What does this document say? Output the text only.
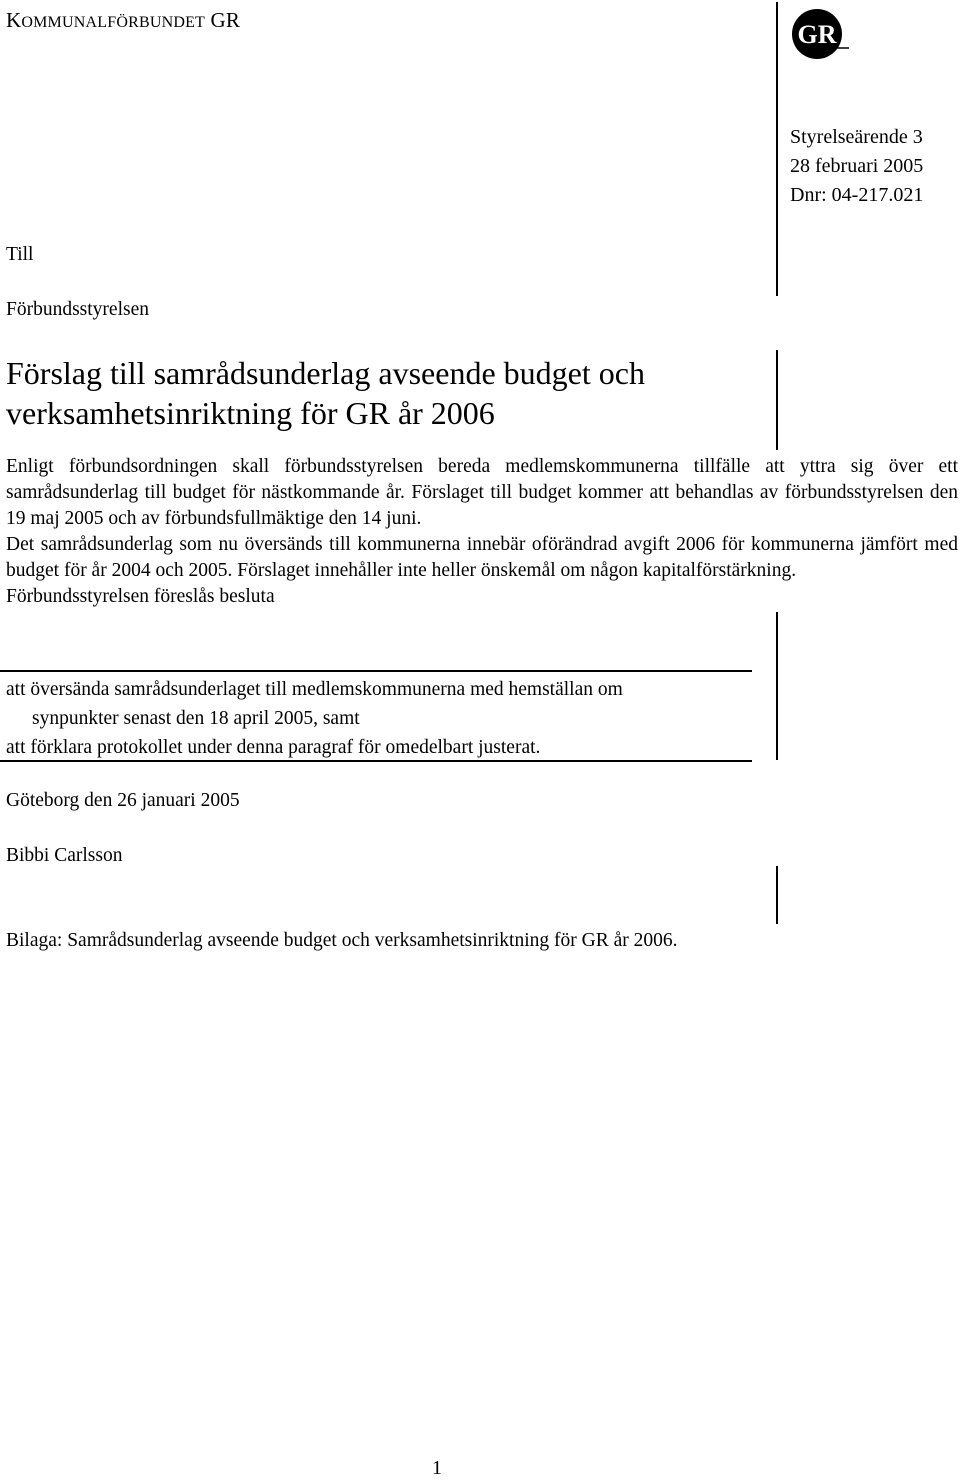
KOMMUNALFÖRBUNDET GR	GR
Styrelseärende 3
28 februari 2005
Dnr: 04-217.021
Till
Förbundsstyrelsen
Förslag till samrådsunderlag avseende budget och
verksamhetsinriktning för GR år 2006

Enligt förbundsordningen skall förbundsstyrelsen bereda medlemskommunerna tillfälle att yttra sig över ett samrådsunderlag till budget för nästkommande år. Förslaget till budget kommer att behandlas av förbundsstyrelsen den 19 maj 2005 och av förbundsfullmäktige den 14 juni.

Det samrådsunderlag som nu översänds till kommunerna innebär oförändrad avgift 2006 för kommunerna jämfört med budget för år 2004 och 2005. Förslaget innehåller inte heller önskemål om någon kapitalförstärkning.

Förbundsstyrelsen föreslås besluta

att översända samrådsunderlaget till medlemskommunerna med hemställan om
synpunkter senast den 18 april 2005, samt
att förklara protokollet under denna paragraf för omedelbart justerat.
Göteborg den 26 januari 2005
Bibbi Carlsson
Bilaga: Samrådsunderlag avseende budget och verksamhetsinriktning för GR år 2006.
1
